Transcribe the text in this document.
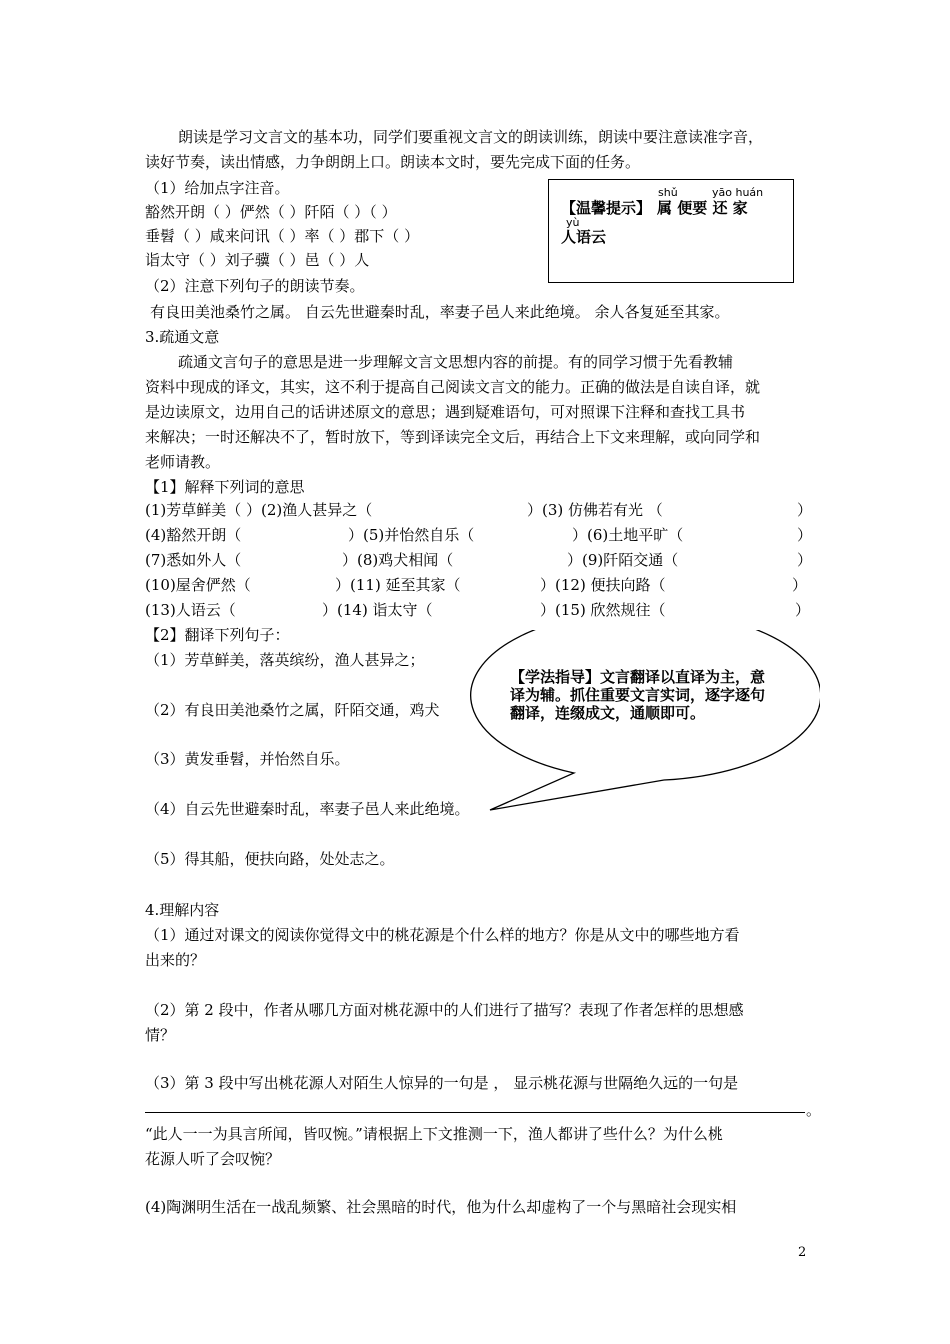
朗读是学习文言文的基本功，同学们要重视文言文的朗读训练，朗读中要注意读准字音，
读好节奏，读出情感，力争朗朗上口。朗读本文时，要先完成下面的任务。
（1）给加点字注音。
豁然开朗（ ）俨然（ ）阡陌（ ）（ ）
垂髫（ ）咸来问讯（ ）率（ ）郡下（ ）
诣太守（ ）刘子骥（ ）邑（ ）人
shǔ	yāo huán
【温馨提示】 属 便要 还 家
yù
人语云
（2）注意下列句子的朗读节奏。
有良田美池桑竹之属。 自云先世避秦时乱，率妻子邑人来此绝境。 余人各复延至其家。
3.疏通文意
疏通文言句子的意思是进一步理解文言文思想内容的前提。有的同学习惯于先看教辅
资料中现成的译文，其实，这不利于提高自己阅读文言文的能力。正确的做法是自读自译，就
是边读原文，边用自己的话讲述原文的意思；遇到疑难语句，可对照课下注释和查找工具书
来解决；一时还解决不了，暂时放下，等到译读完全文后，再结合上下文来理解，或向同学和
老师请教。
【1】解释下列词的意思
(1)芳草鲜美（ ）(2)渔人甚异之（	）(3) 仿佛若有光 （	）
(4)豁然开朗（	）(5)并怡然自乐（	）(6)土地平旷（	）
(7)悉如外人（	）(8)鸡犬相闻（	）(9)阡陌交通（	）
(10)屋舍俨然（	）(11) 延至其家（	）(12) 便扶向路（	）
(13)人语云（	）(14) 诣太守（	）(15) 欣然规往（	）
【2】翻译下列句子：
（1）芳草鲜美，落英缤纷，渔人甚异之；
（2）有良田美池桑竹之属，阡陌交通，鸡犬
（3）黄发垂髫，并怡然自乐。
（4）自云先世避秦时乱，率妻子邑人来此绝境。
（5）得其船，便扶向路，处处志之。
【学法指导】文言翻译以直译为主，意译为辅。抓住重要文言实词，逐字逐句翻译，连缀成文，通顺即可。
4.理解内容
（1）通过对课文的阅读你觉得文中的桃花源是个什么样的地方？你是从文中的哪些地方看
出来的？
（2）第 2 段中，作者从哪几方面对桃花源中的人们进行了描写？表现了作者怎样的思想感
情？
（3）第 3 段中写出桃花源人对陌生人惊异的一句是 ， 显示桃花源与世隔绝久远的一句是
。
“此人一一为具言所闻，皆叹惋。”请根据上下文推测一下，渔人都讲了些什么？为什么桃
花源人听了会叹惋？
(4)陶渊明生活在一战乱频繁、社会黑暗的时代，他为什么却虚构了一个与黑暗社会现实相
2
